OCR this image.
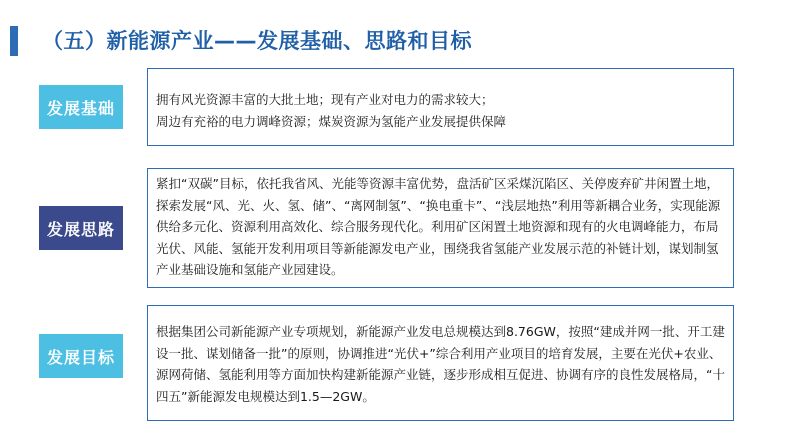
（五）新能源产业——发展基础、思路和目标
发展基础	拥有风光资源丰富的大批土地；现有产业对电力的需求较大；
周边有充裕的电力调峰资源；煤炭资源为氢能产业发展提供保障
发展思路
紧扣“双碳”目标，依托我省风、光能等资源丰富优势，盘活矿区采煤沉陷区、关停废弃矿井闲置土地，探索发展“风、光、火、氢、储”、“离网制氢”、“换电重卡”、“浅层地热”利用等新耦合业务，实现能源供给多元化、资源利用高效化、综合服务现代化。利用矿区闲置土地资源和现有的火电调峰能力，布局光伏、风能、氢能开发利用项目等新能源发电产业，围绕我省氢能产业发展示范的补链计划，谋划制氢产业基础设施和氢能产业园建设。
发展目标
根据集团公司新能源产业专项规划，新能源产业发电总规模达到8.76GW，按照“建成并网一批、开工建设一批、谋划储备一批”的原则，协调推进“光伏+”综合利用产业项目的培育发展，主要在光伏+农业、源网荷储、氢能利用等方面加快构建新能源产业链，逐步形成相互促进、协调有序的良性发展格局，“十四五”新能源发电规模达到1.5—2GW。
